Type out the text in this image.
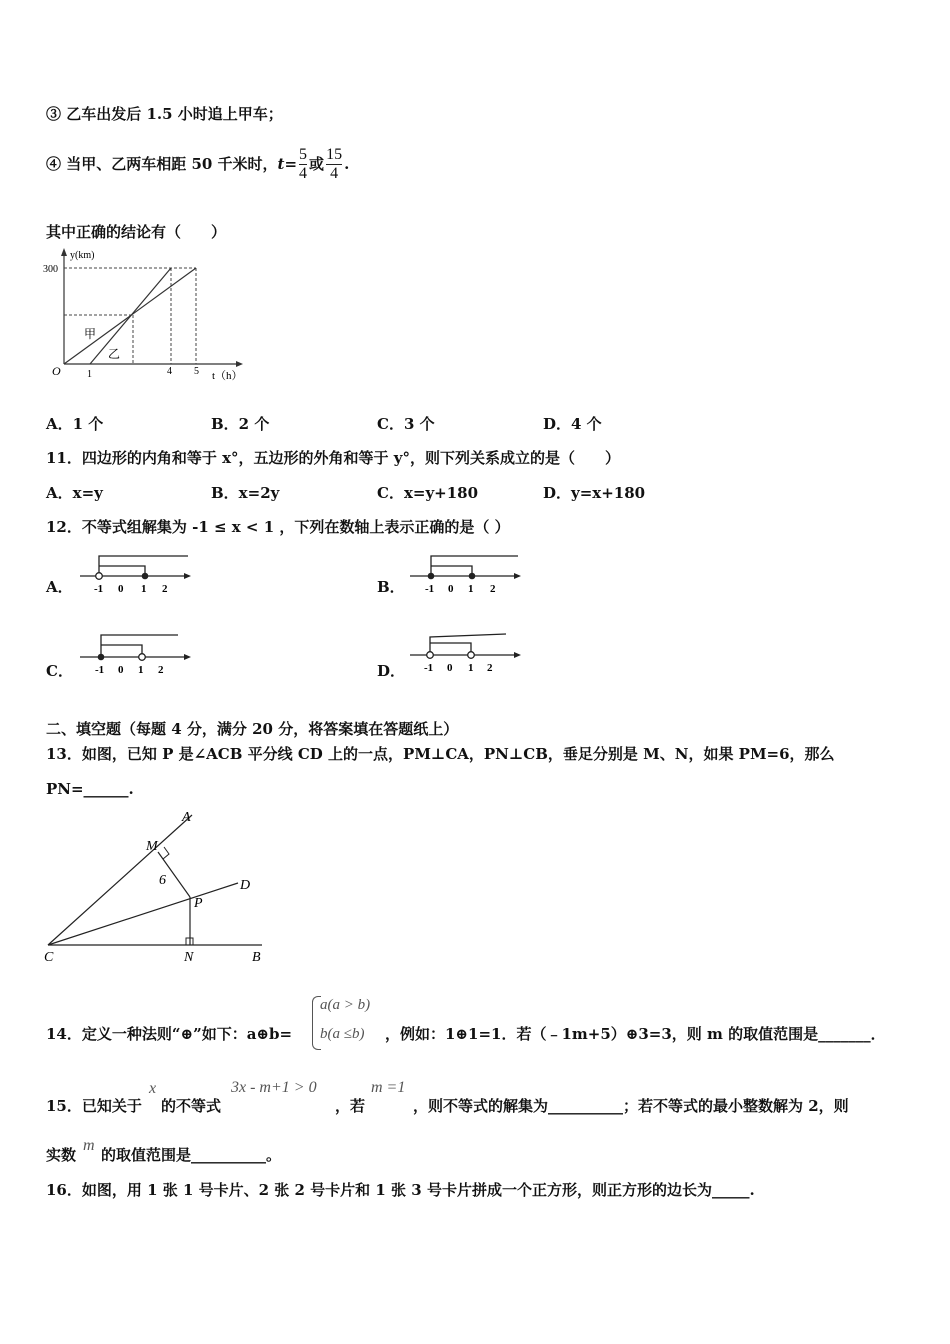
③ 乙车出发后 1.5 小时追上甲车；
④ 当甲、乙两车相距 50 千米时，$t= \frac{5}{4}$ 或 $\frac{15}{4}$ .
其中正确的结论有（　　）
y(km)
t（h）
O
300
1	4 5
甲
乙
A．1 个	B．2 个	C．3 个	D．4 个
11．四边形的内角和等于 x°，五边形的外角和等于 y°，则下列关系成立的是（　　）
A．x=y	B．x=2y	C．x=y+180	D．y=x+180
12．不等式组解集为 -1 ≤ x < 1 ，下列在数轴上表示正确的是（ ）
A． -1 0 1 2	B． -1 0 1 2
C． -1 0 1 2	D． -1 0 1 2
二、填空题（每题 4 分，满分 20 分，将答案填在答题纸上）
13．如图，已知 P 是∠ACB 平分线 CD 上的一点，PM⊥CA，PN⊥CB，垂足分别是 M、N，如果 PM=6，那么
PN=______.
A
M
6	D
P
C	N	B
14．定义一种法则“⊕”如下：a⊕b=
a(a > b)
b(a ≤b) ，例如：1⊕1=1．若（﹣1m+5）⊕3=3，则 m 的取值范围是_______．
15．已知关于
x
的不等式
3x - m+1 > 0
，若
m =1
，则不等式的解集为__________；若不等式的最小整数解为 2，则
实数
m
的取值范围是__________。
16．如图，用 1 张 1 号卡片、2 张 2 号卡片和 1 张 3 号卡片拼成一个正方形，则正方形的边长为_____.
